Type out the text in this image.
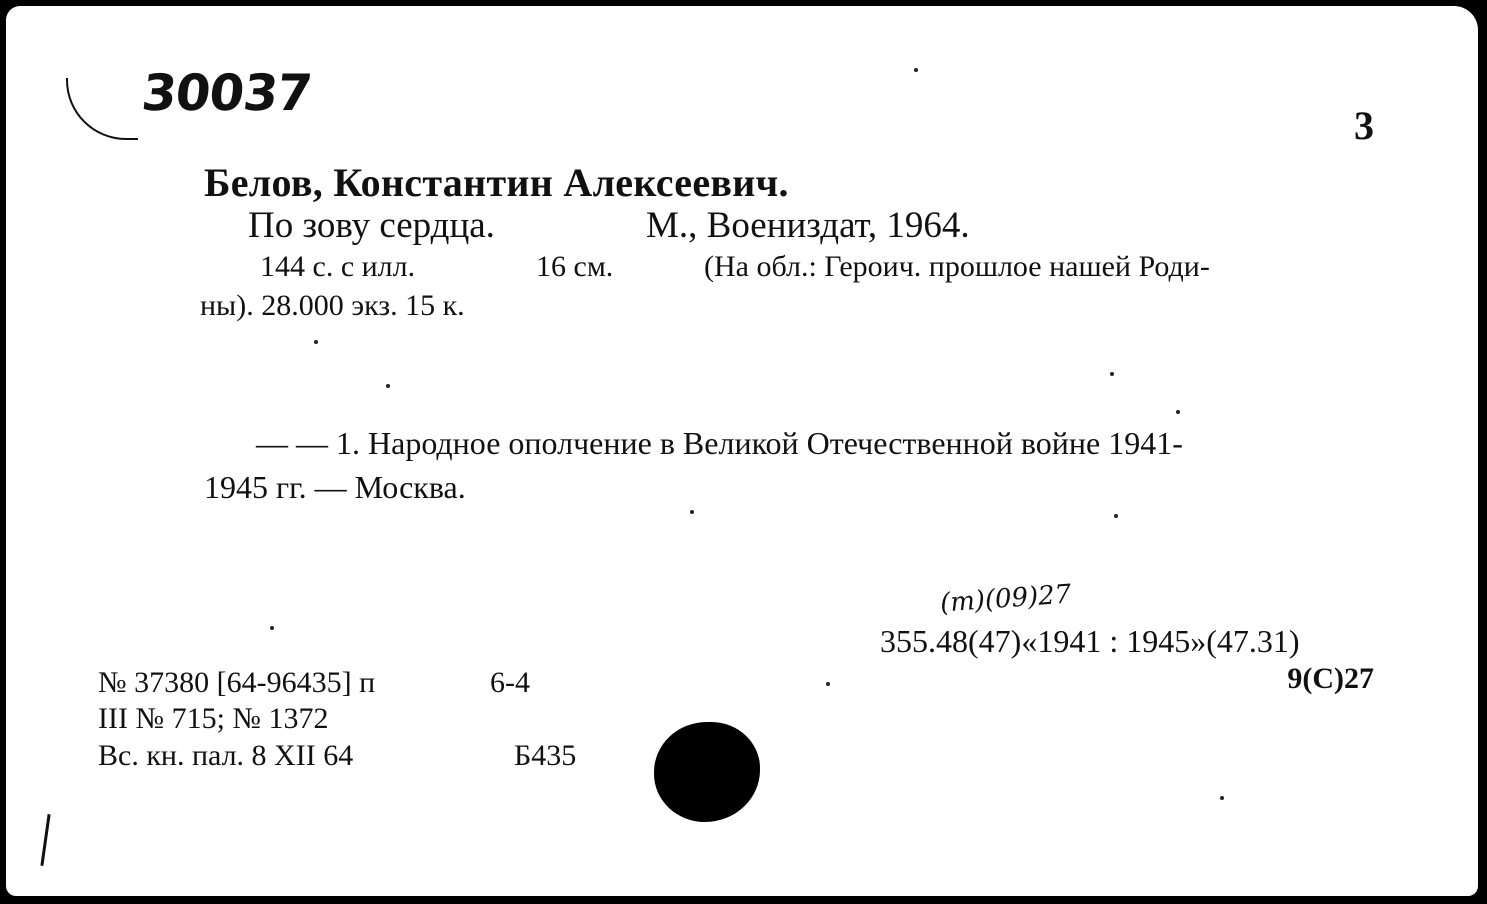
30037

3

Белов, Константин Алексеевич.

По зову сердца.	М., Воениздат, 1964.

144 с. с илл.	16 см.	(На обл.: Героич. прошлое нашей Роди-

ны). 28.000 экз. 15 к.

— — 1. Народное ополчение в Великой Отечественной войне 1941-

1945 гг. — Москва.

(т)(09)27

355.48(47)«1941 : 1945»(47.31)

9(С)27

№ 37380 [64-96435] п	6-4

III № 715; № 1372

Вс. кн. пал. 8 XII 64	Б435
